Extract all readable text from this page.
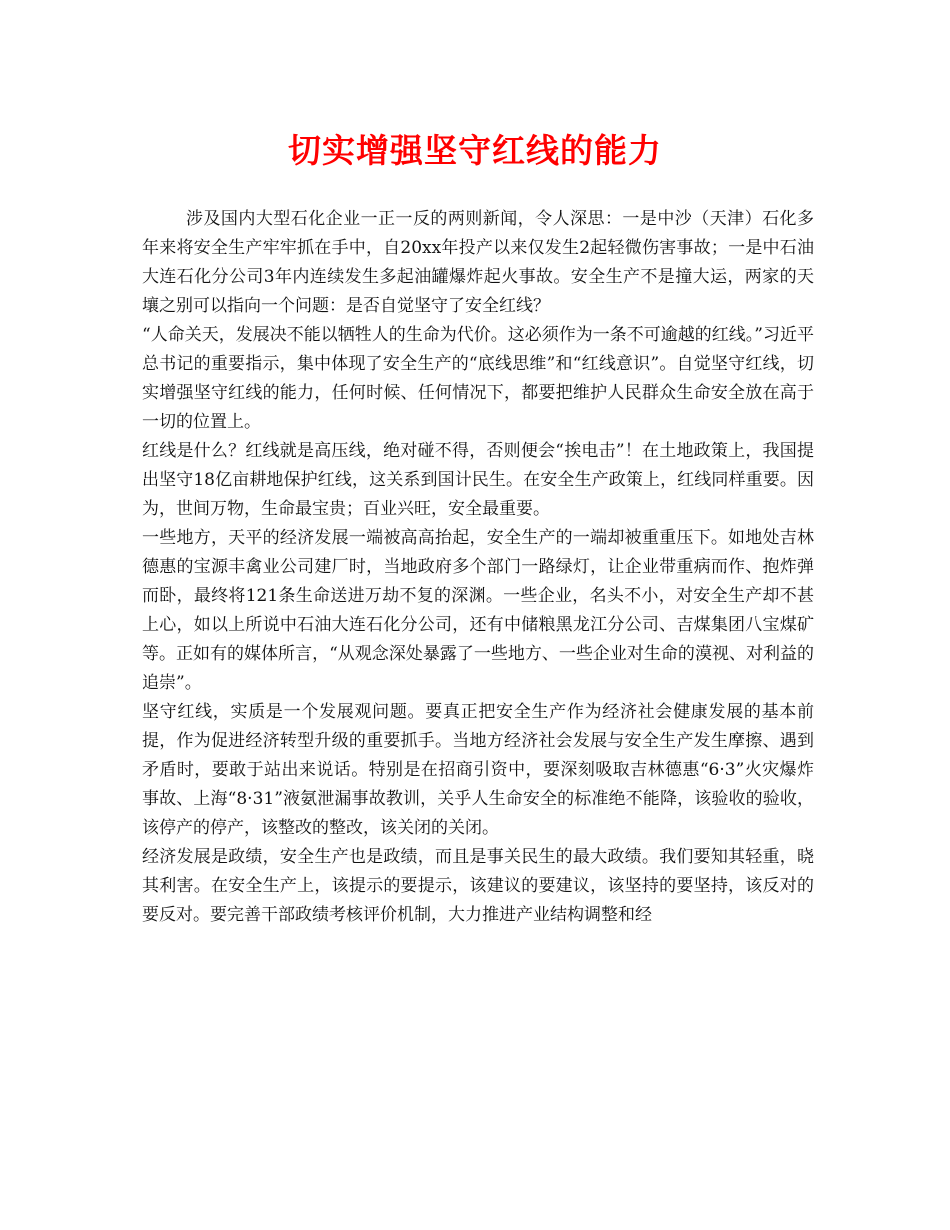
切实增强坚守红线的能力

涉及国内大型石化企业一正一反的两则新闻，令人深思：一是中沙（天津）石化多年来将安全生产牢牢抓在手中，自20xx年投产以来仅发生2起轻微伤害事故；一是中石油大连石化分公司3年内连续发生多起油罐爆炸起火事故。安全生产不是撞大运，两家的天壤之别可以指向一个问题：是否自觉坚守了安全红线？

“人命关天，发展决不能以牺牲人的生命为代价。这必须作为一条不可逾越的红线。”习近平总书记的重要指示，集中体现了安全生产的“底线思维”和“红线意识”。自觉坚守红线，切实增强坚守红线的能力，任何时候、任何情况下，都要把维护人民群众生命安全放在高于一切的位置上。

红线是什么？红线就是高压线，绝对碰不得，否则便会“挨电击”！在土地政策上，我国提出坚守18亿亩耕地保护红线，这关系到国计民生。在安全生产政策上，红线同样重要。因为，世间万物，生命最宝贵；百业兴旺，安全最重要。

一些地方，天平的经济发展一端被高高抬起，安全生产的一端却被重重压下。如地处吉林德惠的宝源丰禽业公司建厂时，当地政府多个部门一路绿灯，让企业带重病而作、抱炸弹而卧，最终将121条生命送进万劫不复的深渊。一些企业，名头不小，对安全生产却不甚上心，如以上所说中石油大连石化分公司，还有中储粮黑龙江分公司、吉煤集团八宝煤矿等。正如有的媒体所言，“从观念深处暴露了一些地方、一些企业对生命的漠视、对利益的追崇”。

坚守红线，实质是一个发展观问题。要真正把安全生产作为经济社会健康发展的基本前提，作为促进经济转型升级的重要抓手。当地方经济社会发展与安全生产发生摩擦、遇到矛盾时，要敢于站出来说话。特别是在招商引资中，要深刻吸取吉林德惠“6·3”火灾爆炸事故、上海“8·31”液氨泄漏事故教训，关乎人生命安全的标准绝不能降，该验收的验收，该停产的停产，该整改的整改，该关闭的关闭。

经济发展是政绩，安全生产也是政绩，而且是事关民生的最大政绩。我们要知其轻重，晓其利害。在安全生产上，该提示的要提示，该建议的要建议，该坚持的要坚持，该反对的要反对。要完善干部政绩考核评价机制，大力推进产业结构调整和经
